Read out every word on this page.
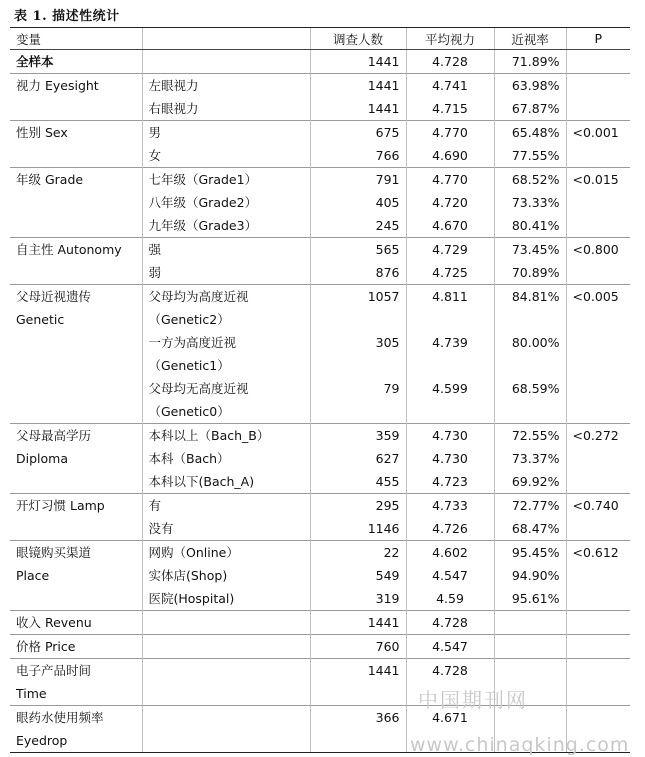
表 1. 描述性统计
变量		调查人数	平均视力	近视率	P
全样本		1441	4.728	71.89%	
视力 Eyesight	左眼视力	1441	4.741	63.98%	
	右眼视力	1441	4.715	67.87%	
性别 Sex	男	675	4.770	65.48%	<0.001
	女	766	4.690	77.55%	
年级 Grade	七年级（Grade1）	791	4.770	68.52%	<0.015
	八年级（Grade2）	405	4.720	73.33%	
	九年级（Grade3）	245	4.670	80.41%	
自主性 Autonomy	强	565	4.729	73.45%	<0.800
	弱	876	4.725	70.89%	
父母近视遗传	父母均为高度近视	1057	4.811	84.81%	<0.005
Genetic	（Genetic2）				
	一方为高度近视	305	4.739	80.00%	
	（Genetic1）				
	父母均无高度近视	79	4.599	68.59%	
	（Genetic0）				
父母最高学历	本科以上（Bach_B）	359	4.730	72.55%	<0.272
Diploma	本科（Bach）	627	4.730	73.37%	
	本科以下(Bach_A)	455	4.723	69.92%	
开灯习惯 Lamp	有	295	4.733	72.77%	<0.740
	没有	1146	4.726	68.47%	
眼镜购买渠道	网购（Online）	22	4.602	95.45%	<0.612
Place	实体店(Shop)	549	4.547	94.90%	
	医院(Hospital)	319	4.59	95.61%	
收入 Revenu		1441	4.728		
价格 Price		760	4.547		
电子产品时间		1441	4.728		
Time					
眼药水使用频率		366	4.671		
Eyedrop					
中国期刊网
www.chinaqking.com
